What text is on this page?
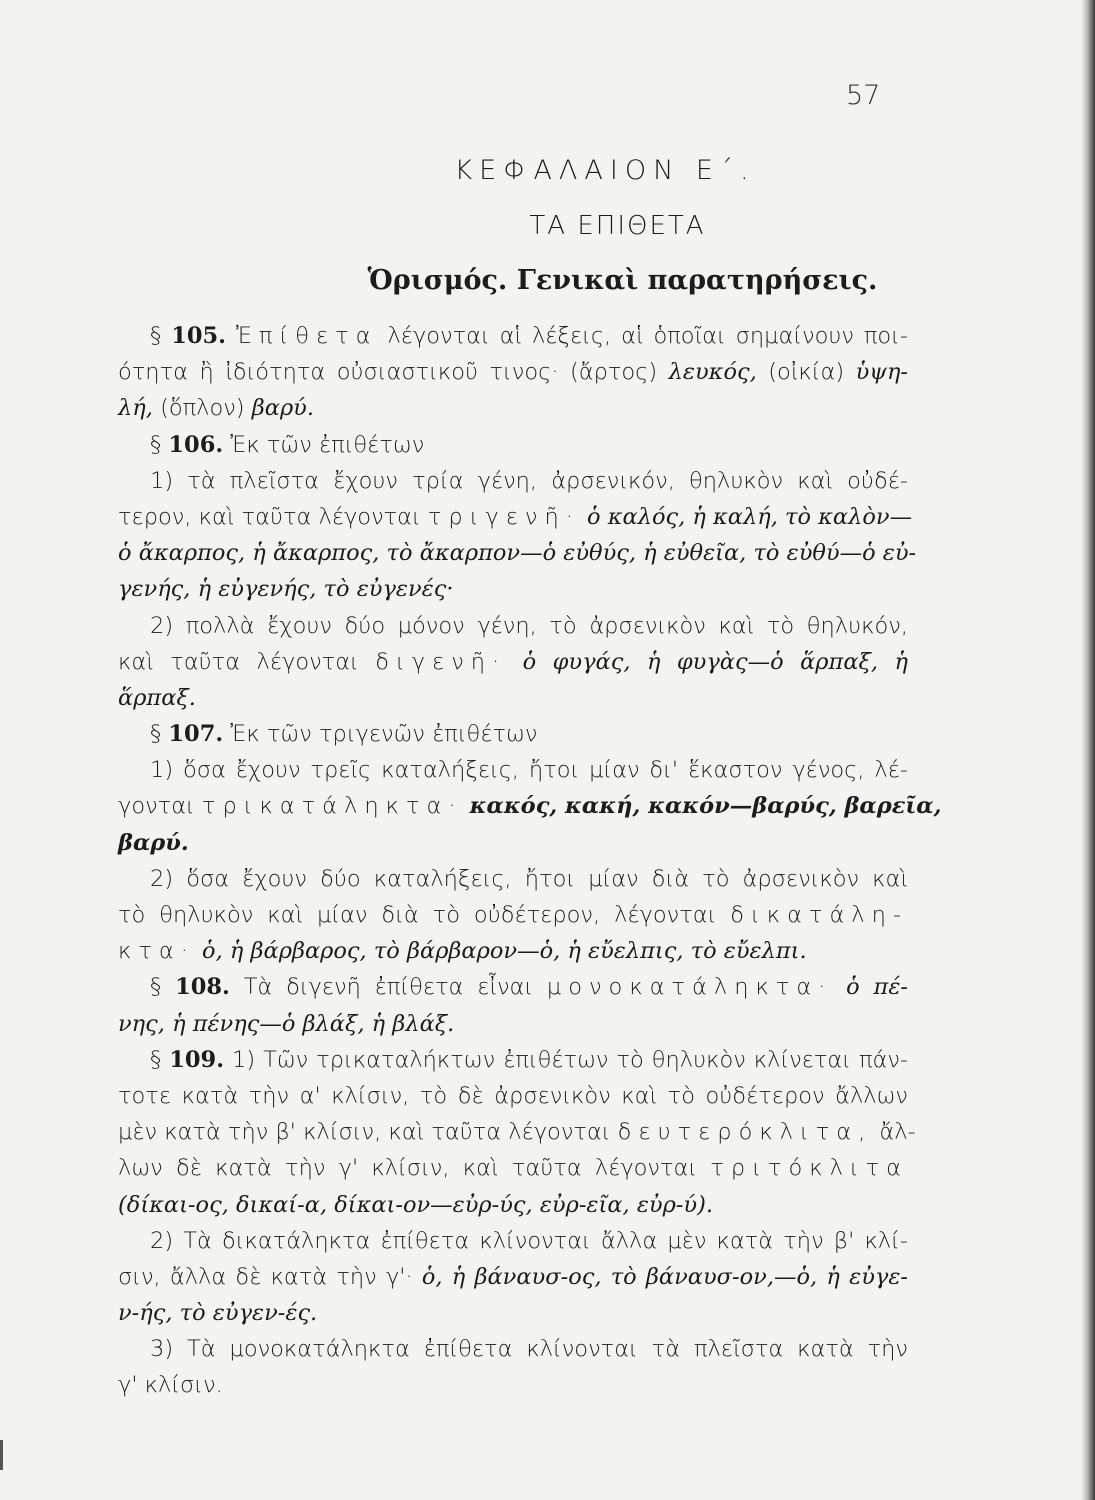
57
ΚΕΦΑΛΑΙΟΝ Ε΄.
ΤΑ ΕΠΙΘΕΤΑ
Ὁρισμός. Γενικαὶ παρατηρήσεις.
§ 105. Ἐπίθετα λέγονται αἱ λέξεις, αἱ ὁποῖαι σημαίνουν ποι-
ότητα ἢ ἰδιότητα οὐσιαστικοῦ τινος· (ἄρτος) λευκός, (οἰκία) ὑψη-
λή, (ὅπλον) βαρύ.
§ 106. Ἐκ τῶν ἐπιθέτων
1) τὰ πλεῖστα ἔχουν τρία γένη, ἀρσενικόν, θηλυκὸν καὶ οὐδέ-
τερον, καὶ ταῦτα λέγονται τριγενῆ· ὁ καλός, ἡ καλή, τὸ καλὸν—
ὁ ἄκαρπος, ἡ ἄκαρπος, τὸ ἄκαρπον—ὁ εὐθύς, ἡ εὐθεῖα, τὸ εὐθύ—ὁ εὐ-
γενής, ἡ εὐγενής, τὸ εὐγενές·
2) πολλὰ ἔχουν δύο μόνον γένη, τὸ ἀρσενικὸν καὶ τὸ θηλυκόν,
καὶ ταῦτα λέγονται διγενῆ· ὁ φυγάς, ἡ φυγὰς—ὁ ἅρπαξ, ἡ
ἅρπαξ.
§ 107. Ἐκ τῶν τριγενῶν ἐπιθέτων
1) ὅσα ἔχουν τρεῖς καταλήξεις, ἤτοι μίαν δι' ἕκαστον γένος, λέ-
γονται τρικατάληκτα· κακός, κακή, κακόν—βαρύς, βαρεῖα,
βαρύ.
2) ὅσα ἔχουν δύο καταλήξεις, ἤτοι μίαν διὰ τὸ ἀρσενικὸν καὶ
τὸ θηλυκὸν καὶ μίαν διὰ τὸ οὐδέτερον, λέγονται δικατάλη-
κτα· ὁ, ἡ βάρβαρος, τὸ βάρβαρον—ὁ, ἡ εὔελπις, τὸ εὔελπι.
§ 108. Τὰ διγενῆ ἐπίθετα εἶναι μονοκατάληκτα· ὁ πέ-
νης, ἡ πένης—ὁ βλάξ, ἡ βλάξ.
§ 109. 1) Τῶν τρικαταλήκτων ἐπιθέτων τὸ θηλυκὸν κλίνεται πάν-
τοτε κατὰ τὴν α' κλίσιν, τὸ δὲ ἀρσενικὸν καὶ τὸ οὐδέτερον ἄλλων
μὲν κατὰ τὴν β' κλίσιν, καὶ ταῦτα λέγονται δευτερόκλιτα, ἄλ-
λων δὲ κατὰ τὴν γ' κλίσιν, καὶ ταῦτα λέγονται τριτόκλιτα
(δίκαι-ος, δικαί-α, δίκαι-ον—εὐρ-ύς, εὐρ-εῖα, εὐρ-ύ).
2) Τὰ δικατάληκτα ἐπίθετα κλίνονται ἄλλα μὲν κατὰ τὴν β' κλί-
σιν, ἄλλα δὲ κατὰ τὴν γ'· ὁ, ἡ βάναυσ-ος, τὸ βάναυσ-ον,—ὁ, ἡ εὐγε-
ν-ής, τὸ εὐγεν-ές.
3) Τὰ μονοκατάληκτα ἐπίθετα κλίνονται τὰ πλεῖστα κατὰ τὴν
γ' κλίσιν.
